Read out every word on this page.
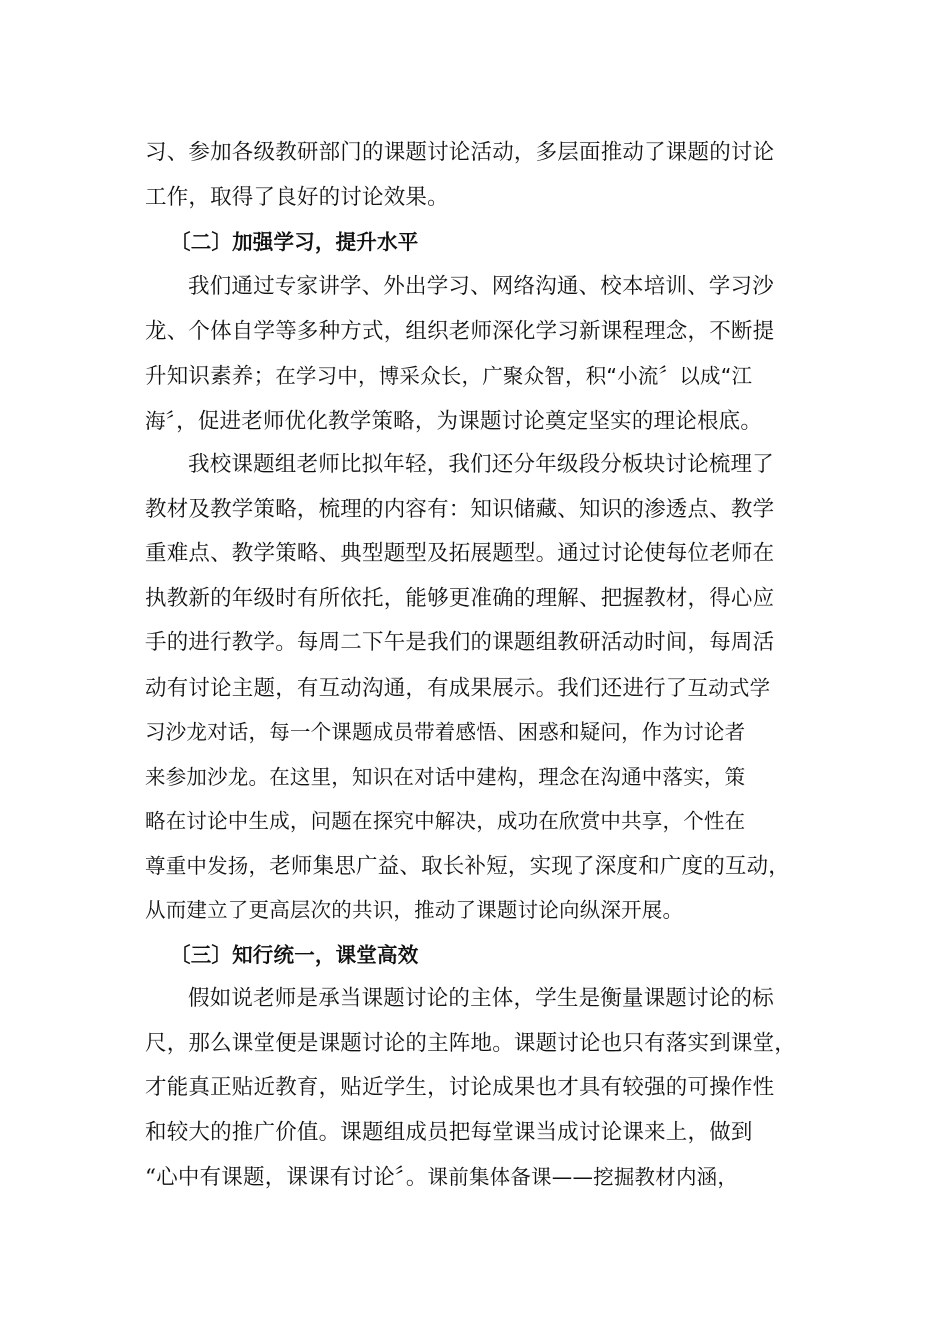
习、参加各级教研部门的课题讨论活动，多层面推动了课题的讨论
工作，取得了良好的讨论效果。
〔二〕加强学习，提升水平
我们通过专家讲学、外出学习、网络沟通、校本培训、学习沙
龙、个体自学等多种方式，组织老师深化学习新课程理念，不断提
升知识素养；在学习中，博采众长，广聚众智，积“小流〞以成“江
海〞，促进老师优化教学策略，为课题讨论奠定坚实的理论根底。
我校课题组老师比拟年轻，我们还分年级段分板块讨论梳理了
教材及教学策略，梳理的内容有：知识储藏、知识的渗透点、教学
重难点、教学策略、典型题型及拓展题型。通过讨论使每位老师在
执教新的年级时有所依托，能够更准确的理解、把握教材，得心应
手的进行教学。每周二下午是我们的课题组教研活动时间，每周活
动有讨论主题，有互动沟通，有成果展示。我们还进行了互动式学
习沙龙对话，每一个课题成员带着感悟、困惑和疑问，作为讨论者
来参加沙龙。在这里，知识在对话中建构，理念在沟通中落实，策
略在讨论中生成，问题在探究中解决，成功在欣赏中共享，个性在
尊重中发扬，老师集思广益、取长补短，实现了深度和广度的互动，
从而建立了更高层次的共识，推动了课题讨论向纵深开展。
〔三〕知行统一，课堂高效
假如说老师是承当课题讨论的主体，学生是衡量课题讨论的标
尺，那么课堂便是课题讨论的主阵地。课题讨论也只有落实到课堂，
才能真正贴近教育，贴近学生，讨论成果也才具有较强的可操作性
和较大的推广价值。课题组成员把每堂课当成讨论课来上，做到
“心中有课题，课课有讨论〞。课前集体备课——挖掘教材内涵，
